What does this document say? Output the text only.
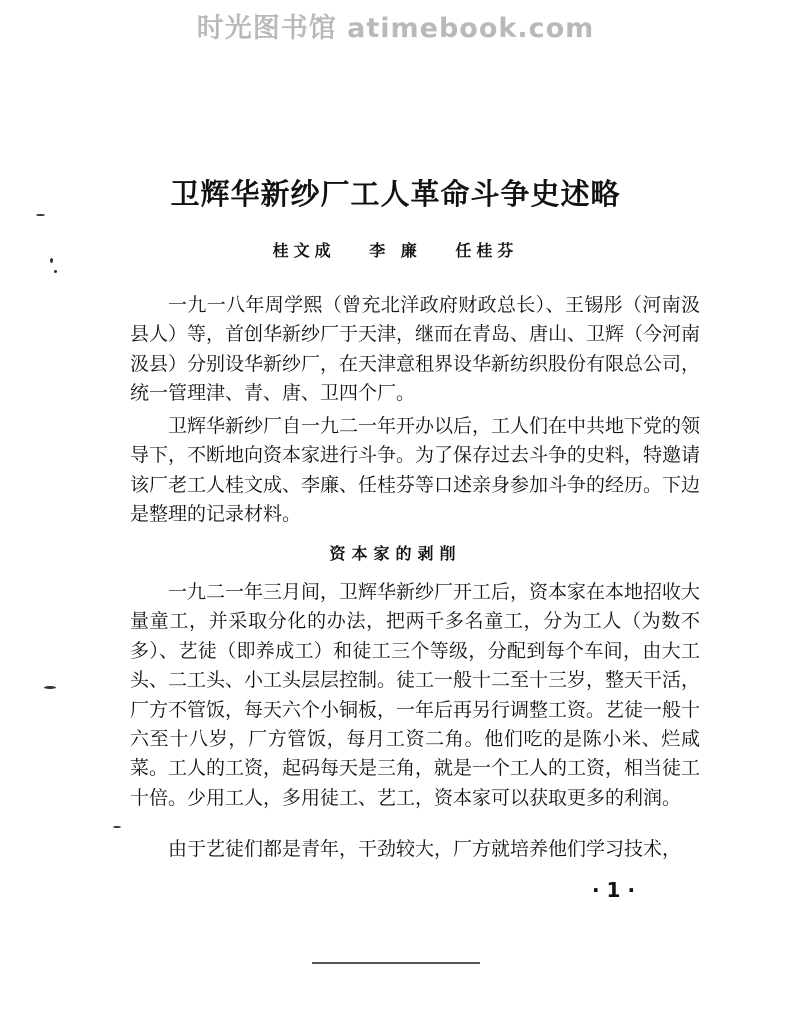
时光图书馆 atimebook.com
卫辉华新纱厂工人革命斗争史述略
桂文成 李 廉 任桂芬

一九一八年周学熙（曾充北洋政府财政总长）、王锡彤（河南汲县人）等，首创华新纱厂于天津，继而在青岛、唐山、卫辉（今河南汲县）分别设华新纱厂，在天津意租界设华新纺织股份有限总公司，统一管理津、青、唐、卫四个厂。

卫辉华新纱厂自一九二一年开办以后，工人们在中共地下党的领导下，不断地向资本家进行斗争。为了保存过去斗争的史料，特邀请该厂老工人桂文成、李廉、任桂芬等口述亲身参加斗争的经历。下边是整理的记录材料。

资本家的剥削

一九二一年三月间，卫辉华新纱厂开工后，资本家在本地招收大量童工，并采取分化的办法，把两千多名童工，分为工人（为数不多）、艺徒（即养成工）和徒工三个等级，分配到每个车间，由大工头、二工头、小工头层层控制。徒工一般十二至十三岁，整天干活，厂方不管饭，每天六个小铜板，一年后再另行调整工资。艺徒一般十六至十八岁，厂方管饭，每月工资二角。他们吃的是陈小米、烂咸菜。工人的工资，起码每天是三角，就是一个工人的工资，相当徒工十倍。少用工人，多用徒工、艺工，资本家可以获取更多的利润。

由于艺徒们都是青年，干劲较大，厂方就培养他们学习技术，

· 1 ·
